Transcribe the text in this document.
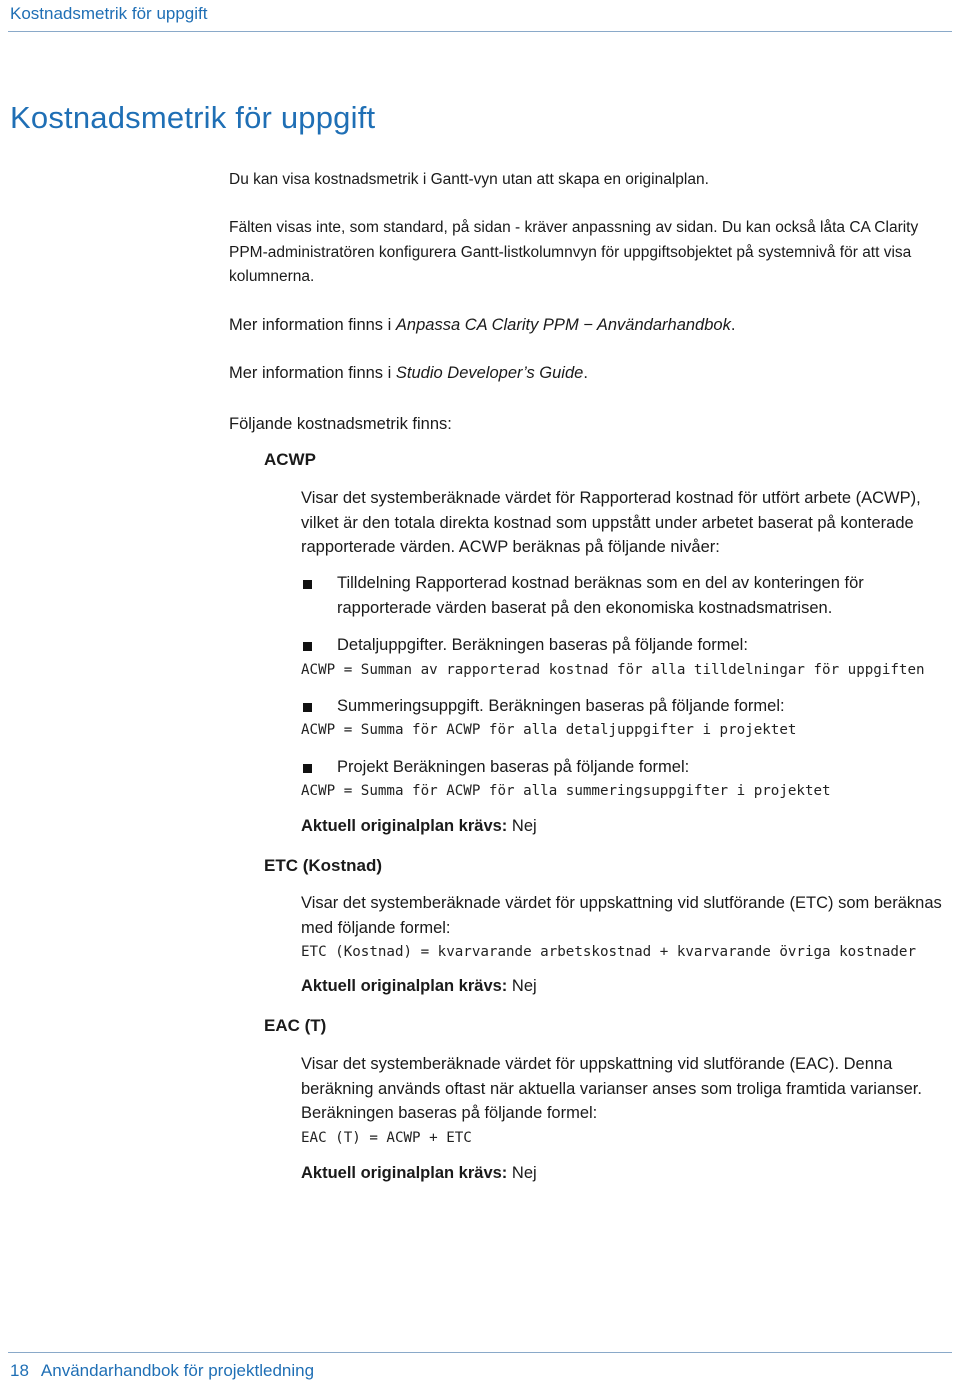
Kostnadsmetrik för uppgift
Kostnadsmetrik för uppgift

Du kan visa kostnadsmetrik i Gantt-vyn utan att skapa en originalplan.

Fälten visas inte, som standard, på sidan - kräver anpassning av sidan. Du kan också låta CA Clarity PPM-administratören konfigurera Gantt-listkolumnvyn för uppgiftsobjektet på systemnivå för att visa kolumnerna.

Mer information finns i Anpassa CA Clarity PPM − Användarhandbok.

Mer information finns i Studio Developer’s Guide.

Följande kostnadsmetrik finns:

ACWP

Visar det systemberäknade värdet för Rapporterad kostnad för utfört arbete (ACWP), vilket är den totala direkta kostnad som uppstått under arbetet baserat på konterade rapporterade värden. ACWP beräknas på följande nivåer:

Tilldelning Rapporterad kostnad beräknas som en del av konteringen för rapporterade värden baserat på den ekonomiska kostnadsmatrisen.

Detaljuppgifter. Beräkningen baseras på följande formel:

ACWP = Summan av rapporterad kostnad för alla tilldelningar för uppgiften

Summeringsuppgift. Beräkningen baseras på följande formel:

ACWP = Summa för ACWP för alla detaljuppgifter i projektet

Projekt Beräkningen baseras på följande formel:

ACWP = Summa för ACWP för alla summeringsuppgifter i projektet

Aktuell originalplan krävs: Nej

ETC (Kostnad)

Visar det systemberäknade värdet för uppskattning vid slutförande (ETC) som beräknas med följande formel:

ETC (Kostnad) = kvarvarande arbetskostnad + kvarvarande övriga kostnader

Aktuell originalplan krävs: Nej

EAC (T)

Visar det systemberäknade värdet för uppskattning vid slutförande (EAC). Denna beräkning används oftast när aktuella varianser anses som troliga framtida varianser. Beräkningen baseras på följande formel:

EAC (T) = ACWP + ETC

Aktuell originalplan krävs: Nej

18 Användarhandbok för projektledning
